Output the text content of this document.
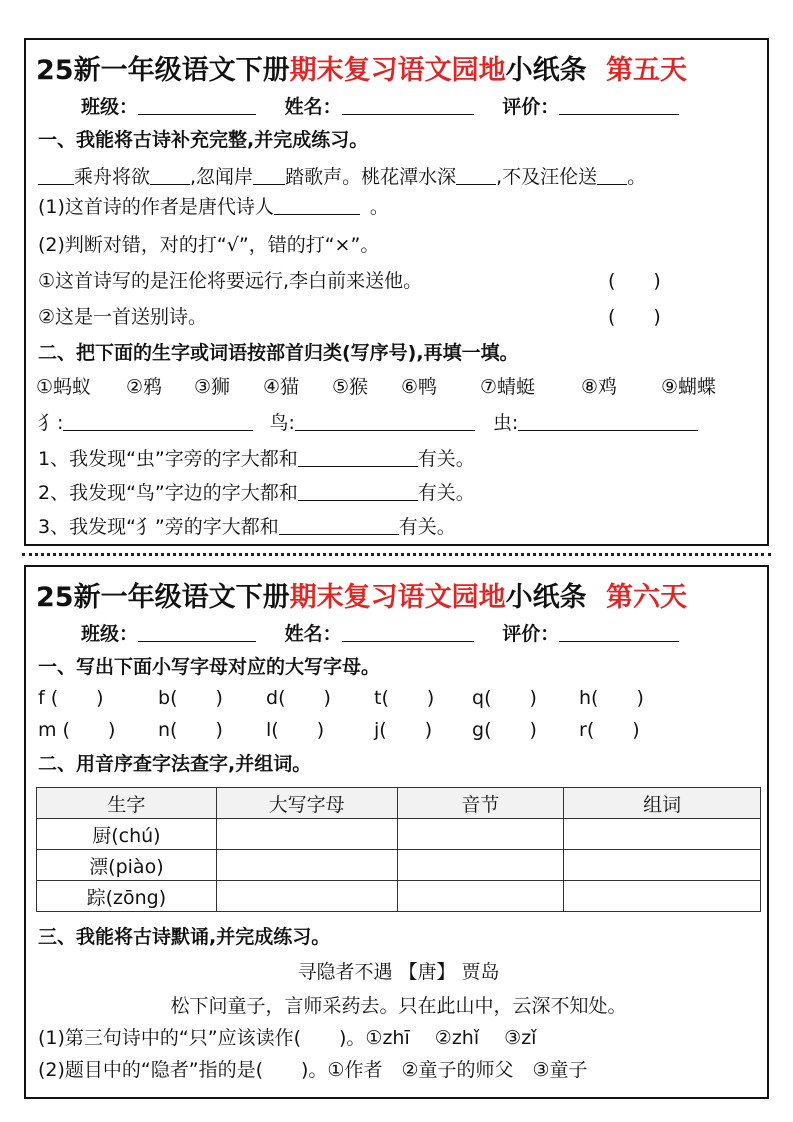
25新一年级语文下册期末复习语文园地小纸条 第五天
班级：	姓名：	评价：
一、我能将古诗补充完整,并完成练习。
乘舟将欲 ,忽闻岸 踏歌声。桃花潭水深 ,不及汪伦送 。
(1)这首诗的作者是唐代诗人	。
(2)判断对错，对的打“√”，错的打“×”。
①这首诗写的是汪伦将要远行,李白前来送他。	(　　)
②这是一首送别诗。	(　　)
二、把下面的生字或词语按部首归类(写序号),再填一填。
①蚂蚁 ②鸦 ③狮 ④猫 ⑤猴 ⑥鸭 ⑦蜻蜓 ⑧鸡 ⑨蝴蝶
犭:	鸟:	虫:
1、我发现“虫”字旁的字大都和	有关。
2、我发现“鸟”字边的字大都和	有关。
3、我发现“犭”旁的字大都和	有关。
25新一年级语文下册期末复习语文园地小纸条 第六天
班级：	姓名：	评价：
一、写出下面小写字母对应的大写字母。
f (　　)	b(　　) d(　　) t(　　) q(　　) h(　　)
m (　　) n(　　) l(　　)	j(　　) g(　　) r(　　)
二、用音序查字法查字,并组词。
生字	大写字母	音节	组词
厨(chú)			
漂(piào)			
踪(zōng)			
三、我能将古诗默诵,并完成练习。
寻隐者不遇 【唐】 贾岛
松下问童子，言师采药去。只在此山中，云深不知处。
(1)第三句诗中的“只”应该读作(　　)。①zhī　 ②zhǐ　 ③zǐ
(2)题目中的“隐者”指的是(　　)。①作者　②童子的师父　③童子
